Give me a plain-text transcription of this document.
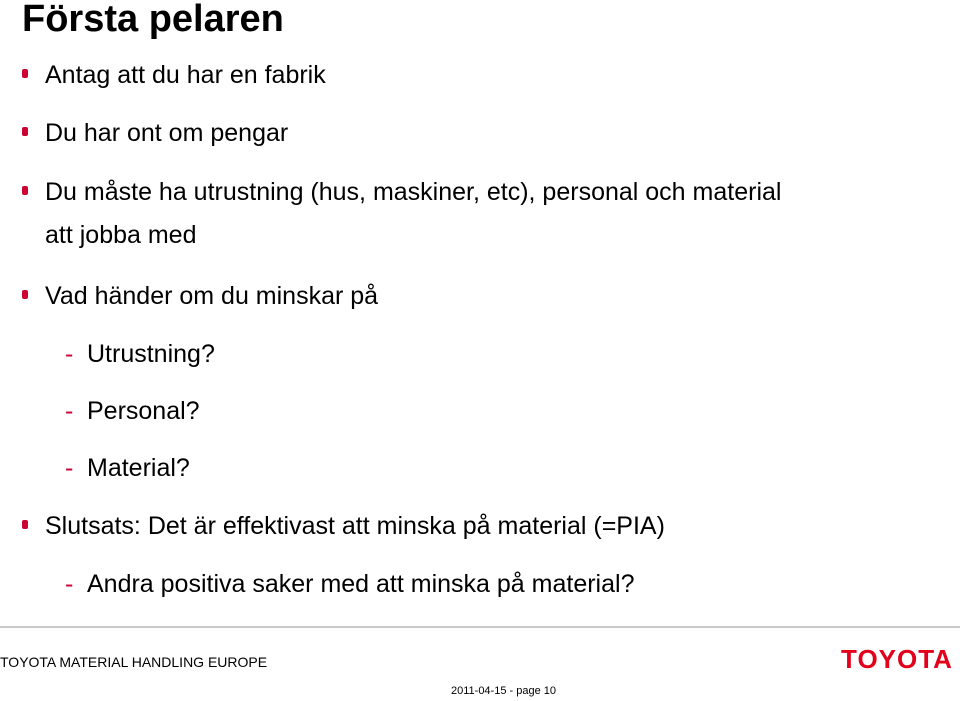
Första pelaren
Antag att du har en fabrik
Du har ont om pengar
Du måste ha utrustning (hus, maskiner, etc), personal och material
att jobba med
Vad händer om du minskar på
- Utrustning?
- Personal?
- Material?
Slutsats: Det är effektivast att minska på material (=PIA)
- Andra positiva saker med att minska på material?
TOYOTA MATERIAL HANDLING EUROPE	TOYOTA
2011-04-15 - page 10
